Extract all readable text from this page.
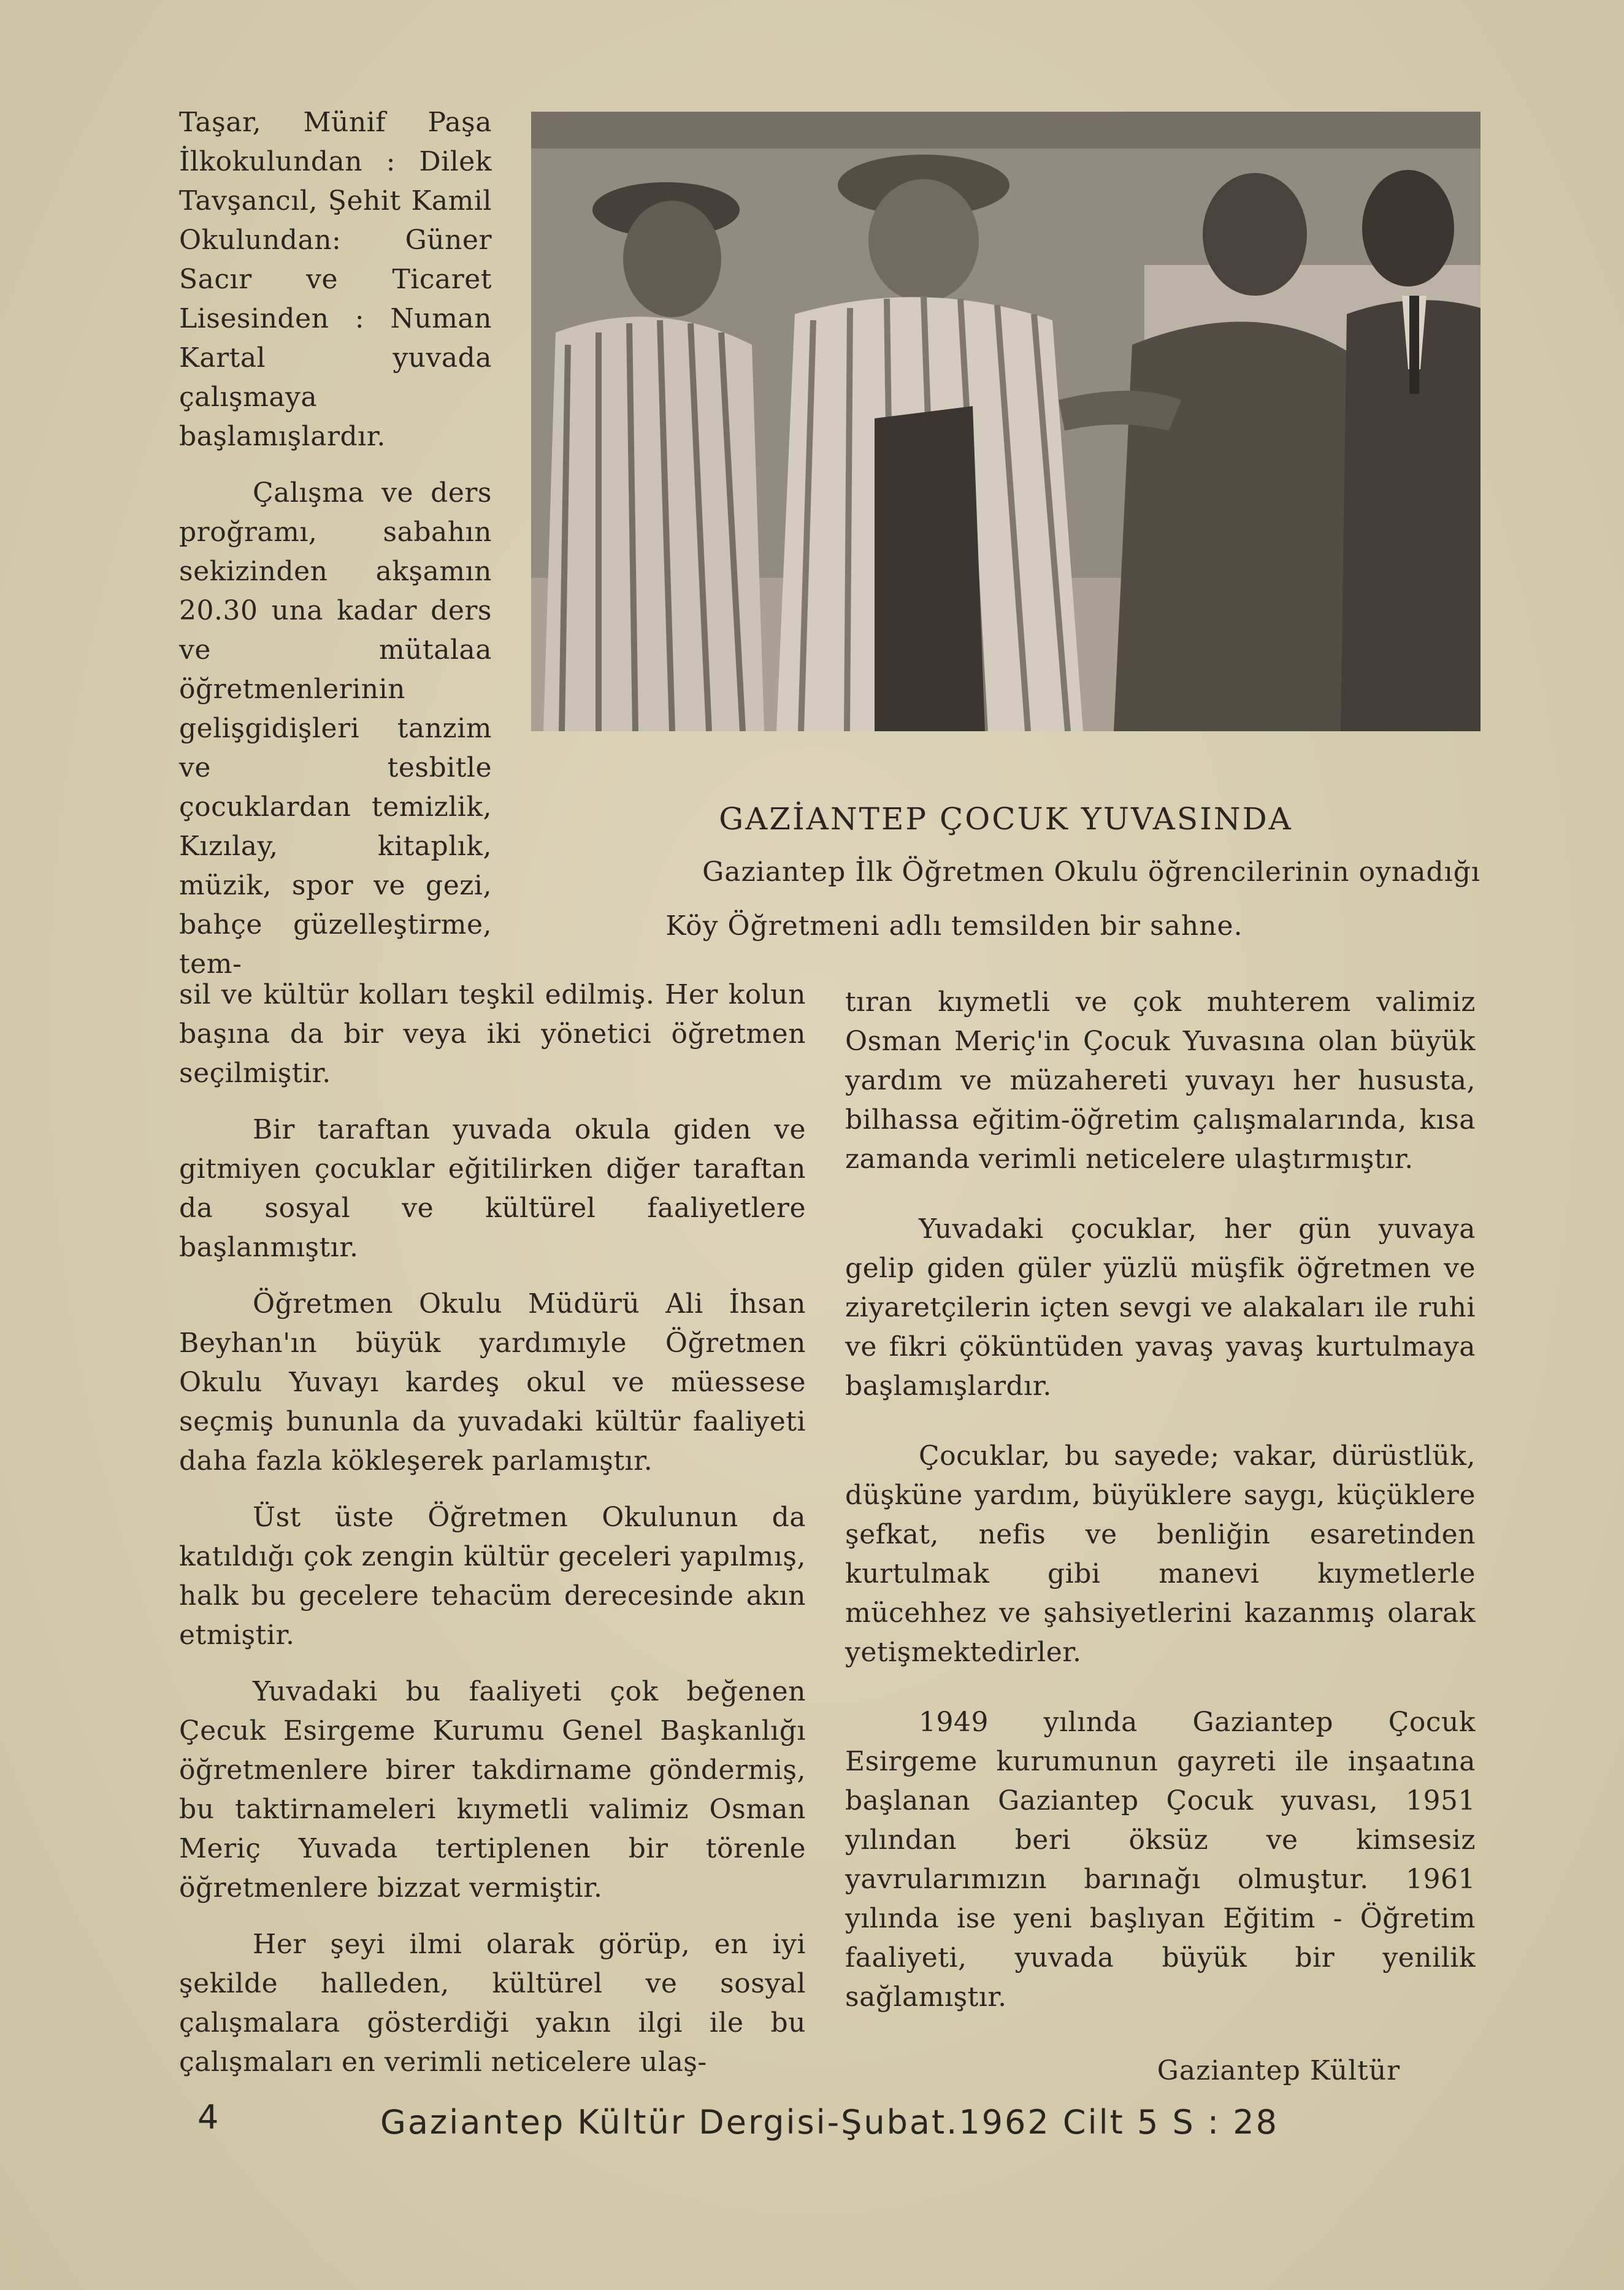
Taşar, Münif Paşa İlkokulundan : Dilek Tavşancıl, Şehit Kamil Okulundan: Güner Sacır ve Ticaret Lisesinden : Numan Kartal yuvada çalışmaya başlamışlardır.

Çalışma ve ders proğramı, sabahın sekizinden akşamın 20.30 una kadar ders ve mütalaa öğretmenlerinin gelişgidişleri tanzim ve tesbitle çocuklardan temizlik, Kızılay, kitaplık, müzik, spor ve gezi, bahçe güzelleştirme, tem-

GAZİANTEP ÇOCUK YUVASINDA
Gaziantep İlk Öğretmen Okulu öğrencilerinin oynadığı
Köy Öğretmeni adlı temsilden bir sahne.

sil ve kültür kolları teşkil edilmiş. Her kolun başına da bir veya iki yönetici öğretmen seçilmiştir.

Bir taraftan yuvada okula giden ve gitmiyen çocuklar eğitilirken diğer taraftan da sosyal ve kültürel faaliyetlere başlanmıştır.

Öğretmen Okulu Müdürü Ali İhsan Beyhan'ın büyük yardımıyle Öğretmen Okulu Yuvayı kardeş okul ve müessese seçmiş bununla da yuvadaki kültür faaliyeti daha fazla kökleşerek parlamıştır.

Üst üste Öğretmen Okulunun da katıldığı çok zengin kültür geceleri yapılmış, halk bu gecelere tehacüm derecesinde akın etmiştir.

Yuvadaki bu faaliyeti çok beğenen Çecuk Esirgeme Kurumu Genel Başkanlığı öğretmenlere birer takdirname göndermiş, bu taktirnameleri kıymetli valimiz Osman Meriç Yuvada tertiplenen bir törenle öğretmenlere bizzat vermiştir.

Her şeyi ilmi olarak görüp, en iyi şekilde halleden, kültürel ve sosyal çalışmalara gösterdiği yakın ilgi ile bu çalışmaları en verimli neticelere ulaş-

tıran kıymetli ve çok muhterem valimiz Osman Meriç'in Çocuk Yuvasına olan büyük yardım ve müzahereti yuvayı her hususta, bilhassa eğitim-öğretim çalışmalarında, kısa zamanda verimli neticelere ulaştırmıştır.

Yuvadaki çocuklar, her gün yuvaya gelip giden güler yüzlü müşfik öğretmen ve ziyaretçilerin içten sevgi ve alakaları ile ruhi ve fikri çöküntüden yavaş yavaş kurtulmaya başlamışlardır.

Çocuklar, bu sayede; vakar, dürüstlük, düşküne yardım, büyüklere saygı, küçüklere şefkat, nefis ve benliğin esaretinden kurtulmak gibi manevi kıymetlerle mücehhez ve şahsiyetlerini kazanmış olarak yetişmektedirler.

1949 yılında Gaziantep Çocuk Esirgeme kurumunun gayreti ile inşaatına başlanan Gaziantep Çocuk yuvası, 1951 yılından beri öksüz ve kimsesiz yavrularımızın barınağı olmuştur. 1961 yılında ise yeni başlıyan Eğitim - Öğretim faaliyeti, yuvada büyük bir yenilik sağlamıştır.

Gaziantep Kültür
4	Gaziantep Kültür Dergisi-Şubat.1962 Cilt 5 S : 28
